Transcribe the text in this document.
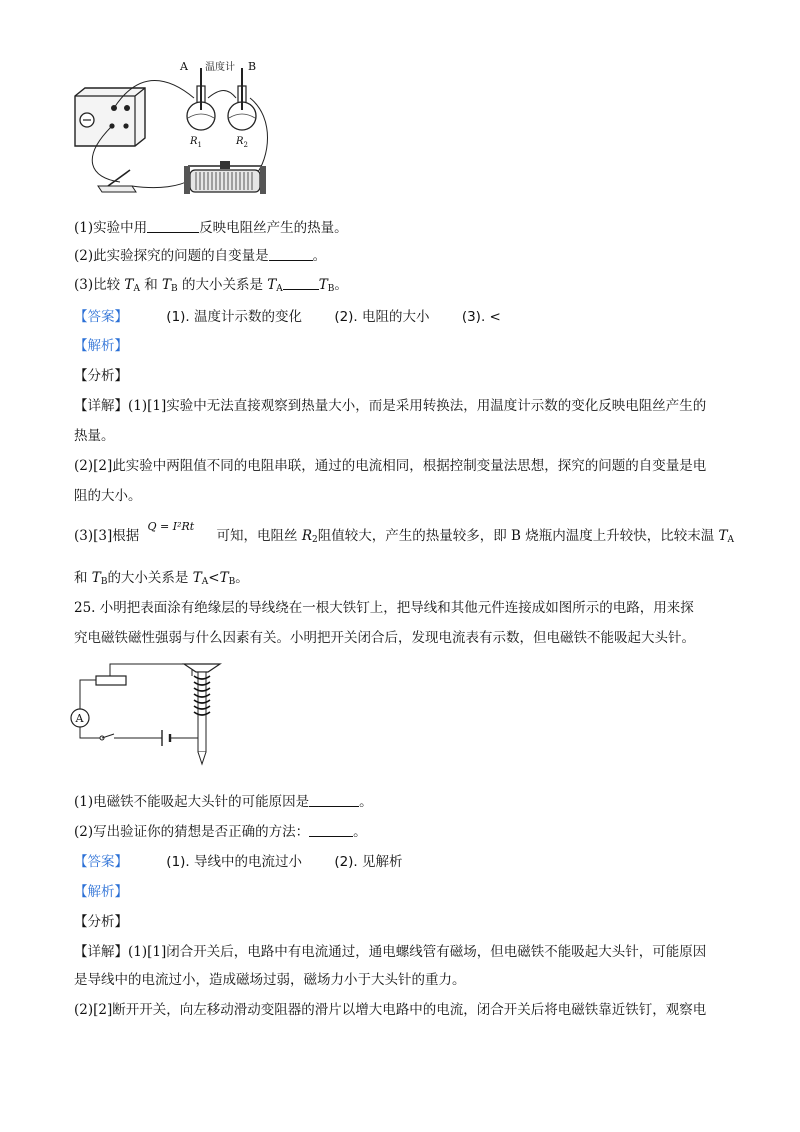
A 温度计 B
$R_1$	$R_2$
(1)实验中用	反映电阻丝产生的热量。
(2)此实验探究的问题的自变量是	。
(3)比较 $T_A$ 和 $T_B$ 的大小关系是 $T_A$	$T_B$。
【答案】	(1). 温度计示数的变化 (2). 电阻的大小 (3). <
【解析】
【分析】
【详解】(1)[1]实验中无法直接观察到热量大小，而是采用转换法，用温度计示数的变化反映电阻丝产生的
热量。
(2)[2]此实验中两阻值不同的电阻串联，通过的电流相同，根据控制变量法思想，探究的问题的自变量是电
阻的大小。
(3)[3]根据 $^{Q = I^2Rt}$ 可知，电阻丝 $R_2$阻值较大，产生的热量较多，即 B 烧瓶内温度上升较快，比较末温 $T_A$
和 $T_B$的大小关系是 $T_A<T_B$。
25. 小明把表面涂有绝缘层的导线绕在一根大铁钉上，把导线和其他元件连接成如图所示的电路，用来探
究电磁铁磁性强弱与什么因素有关。小明把开关闭合后，发现电流表有示数，但电磁铁不能吸起大头针。
A
(1)电磁铁不能吸起大头针的可能原因是	。
(2)写出验证你的猜想是否正确的方法：	。
【答案】	(1). 导线中的电流过小 (2). 见解析
【解析】
【分析】
【详解】(1)[1]闭合开关后，电路中有电流通过，通电螺线管有磁场，但电磁铁不能吸起大头针，可能原因
是导线中的电流过小，造成磁场过弱，磁场力小于大头针的重力。
(2)[2]断开开关，向左移动滑动变阻器的滑片以增大电路中的电流，闭合开关后将电磁铁靠近铁钉，观察电
